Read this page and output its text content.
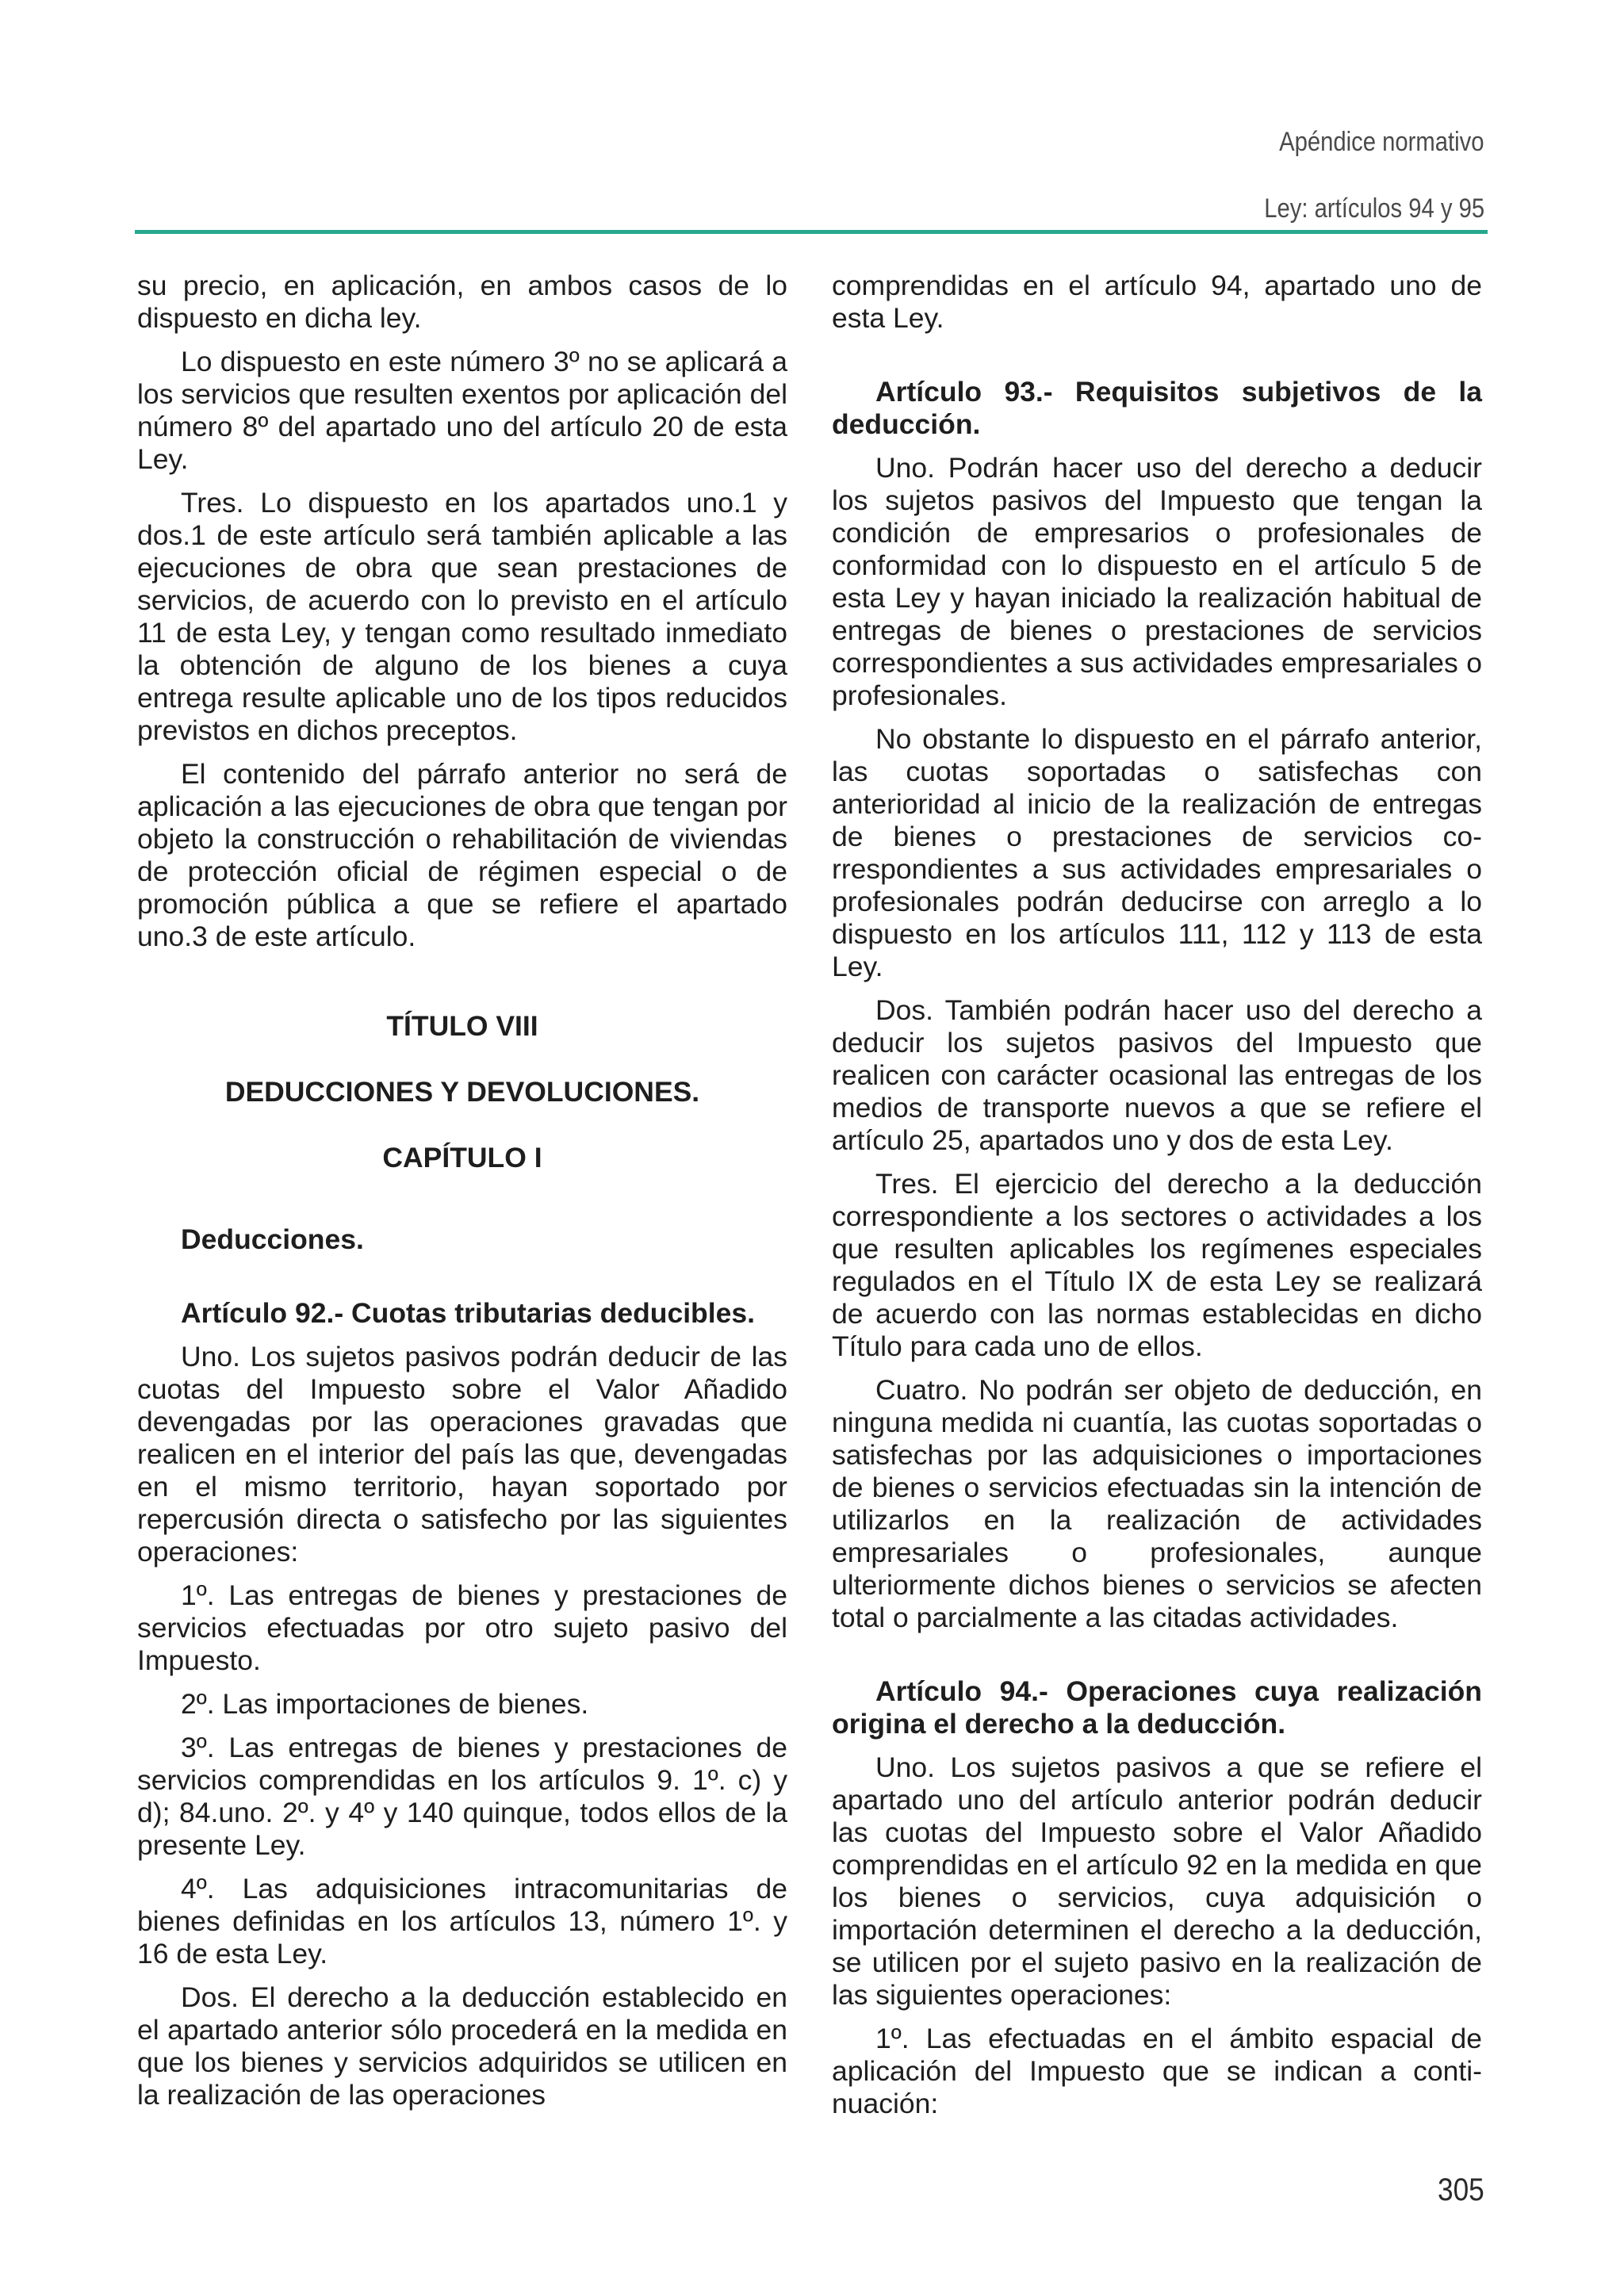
Apéndice normativo
Ley: artículos 94 y 95

su precio, en aplicación, en ambos casos de lo dispuesto en dicha ley.

Lo dispuesto en este número 3º no se aplicará a los servicios que resulten exentos por aplicación del número 8º del apartado uno del artículo 20 de esta Ley.

Tres. Lo dispuesto en los apartados uno.1 y dos.1 de este artículo será también aplicable a las ejecuciones de obra que sean prestaciones de servicios, de acuerdo con lo previsto en el artículo 11 de esta Ley, y tengan como resultado inmediato la obtención de alguno de los bienes a cuya entrega resulte aplicable uno de los tipos reducidos previstos en dichos preceptos.

El contenido del párrafo anterior no será de aplicación a las ejecuciones de obra que tengan por objeto la construcción o rehabilitación de viviendas de protección oficial de régimen especial o de promoción pública a que se refiere el apartado uno.3 de este artículo.

TÍTULO VIII
DEDUCCIONES Y DEVOLUCIONES.
CAPÍTULO I

Deducciones.

Artículo 92.- Cuotas tributarias deducibles.

Uno. Los sujetos pasivos podrán deducir de las cuotas del Impuesto sobre el Valor Añadido devengadas por las operaciones gravadas que realicen en el interior del país las que, devengadas en el mismo territorio, hayan soportado por repercusión directa o satisfecho por las siguientes operaciones:

1º. Las entregas de bienes y prestaciones de servicios efectuadas por otro sujeto pasivo del Impuesto.

2º. Las importaciones de bienes.

3º. Las entregas de bienes y prestaciones de servicios comprendidas en los artículos 9. 1º. c) y d); 84.uno. 2º. y 4º y 140 quinque, todos ellos de la presente Ley.

4º. Las adquisiciones intracomunitarias de bienes definidas en los artículos 13, número 1º. y 16 de esta Ley.

Dos. El derecho a la deducción establecido en el apartado anterior sólo procederá en la medida en que los bienes y servicios adquiridos se utilicen en la realización de las operaciones

comprendidas en el artículo 94, apartado uno de esta Ley.

Artículo 93.- Requisitos subjetivos de la deducción.

Uno. Podrán hacer uso del derecho a deducir los sujetos pasivos del Impuesto que tengan la condición de empresarios o profesionales de conformidad con lo dispuesto en el artículo 5 de esta Ley y hayan iniciado la realización habitual de entregas de bienes o prestaciones de servicios correspondientes a sus actividades empresariales o profesionales.

No obstante lo dispuesto en el párrafo anterior, las cuotas soportadas o satisfechas con anterioridad al inicio de la realización de entregas de bienes o prestaciones de servicios correspondientes a sus actividades empresariales o profesionales podrán deducirse con arreglo a lo dispuesto en los artículos 111, 112 y 113 de esta Ley.

Dos. También podrán hacer uso del derecho a deducir los sujetos pasivos del Impuesto que realicen con carácter ocasional las entregas de los medios de transporte nuevos a que se refiere el artículo 25, apartados uno y dos de esta Ley.

Tres. El ejercicio del derecho a la deducción correspondiente a los sectores o actividades a los que resulten aplicables los regímenes especiales regulados en el Título IX de esta Ley se realizará de acuerdo con las normas establecidas en dicho Título para cada uno de ellos.

Cuatro. No podrán ser objeto de deducción, en ninguna medida ni cuantía, las cuotas soportadas o satisfechas por las adquisiciones o importaciones de bienes o servicios efectuadas sin la intención de utilizarlos en la realización de actividades empresariales o profesionales, aunque ulteriormente dichos bienes o servicios se afecten total o parcialmente a las citadas actividades.

Artículo 94.- Operaciones cuya realización origina el derecho a la deducción.

Uno. Los sujetos pasivos a que se refiere el apartado uno del artículo anterior podrán deducir las cuotas del Impuesto sobre el Valor Añadido comprendidas en el artículo 92 en la medida en que los bienes o servicios, cuya adquisición o importación determinen el derecho a la deducción, se utilicen por el sujeto pasivo en la realización de las siguientes operaciones:

1º. Las efectuadas en el ámbito espacial de aplicación del Impuesto que se indican a continuación:

305
